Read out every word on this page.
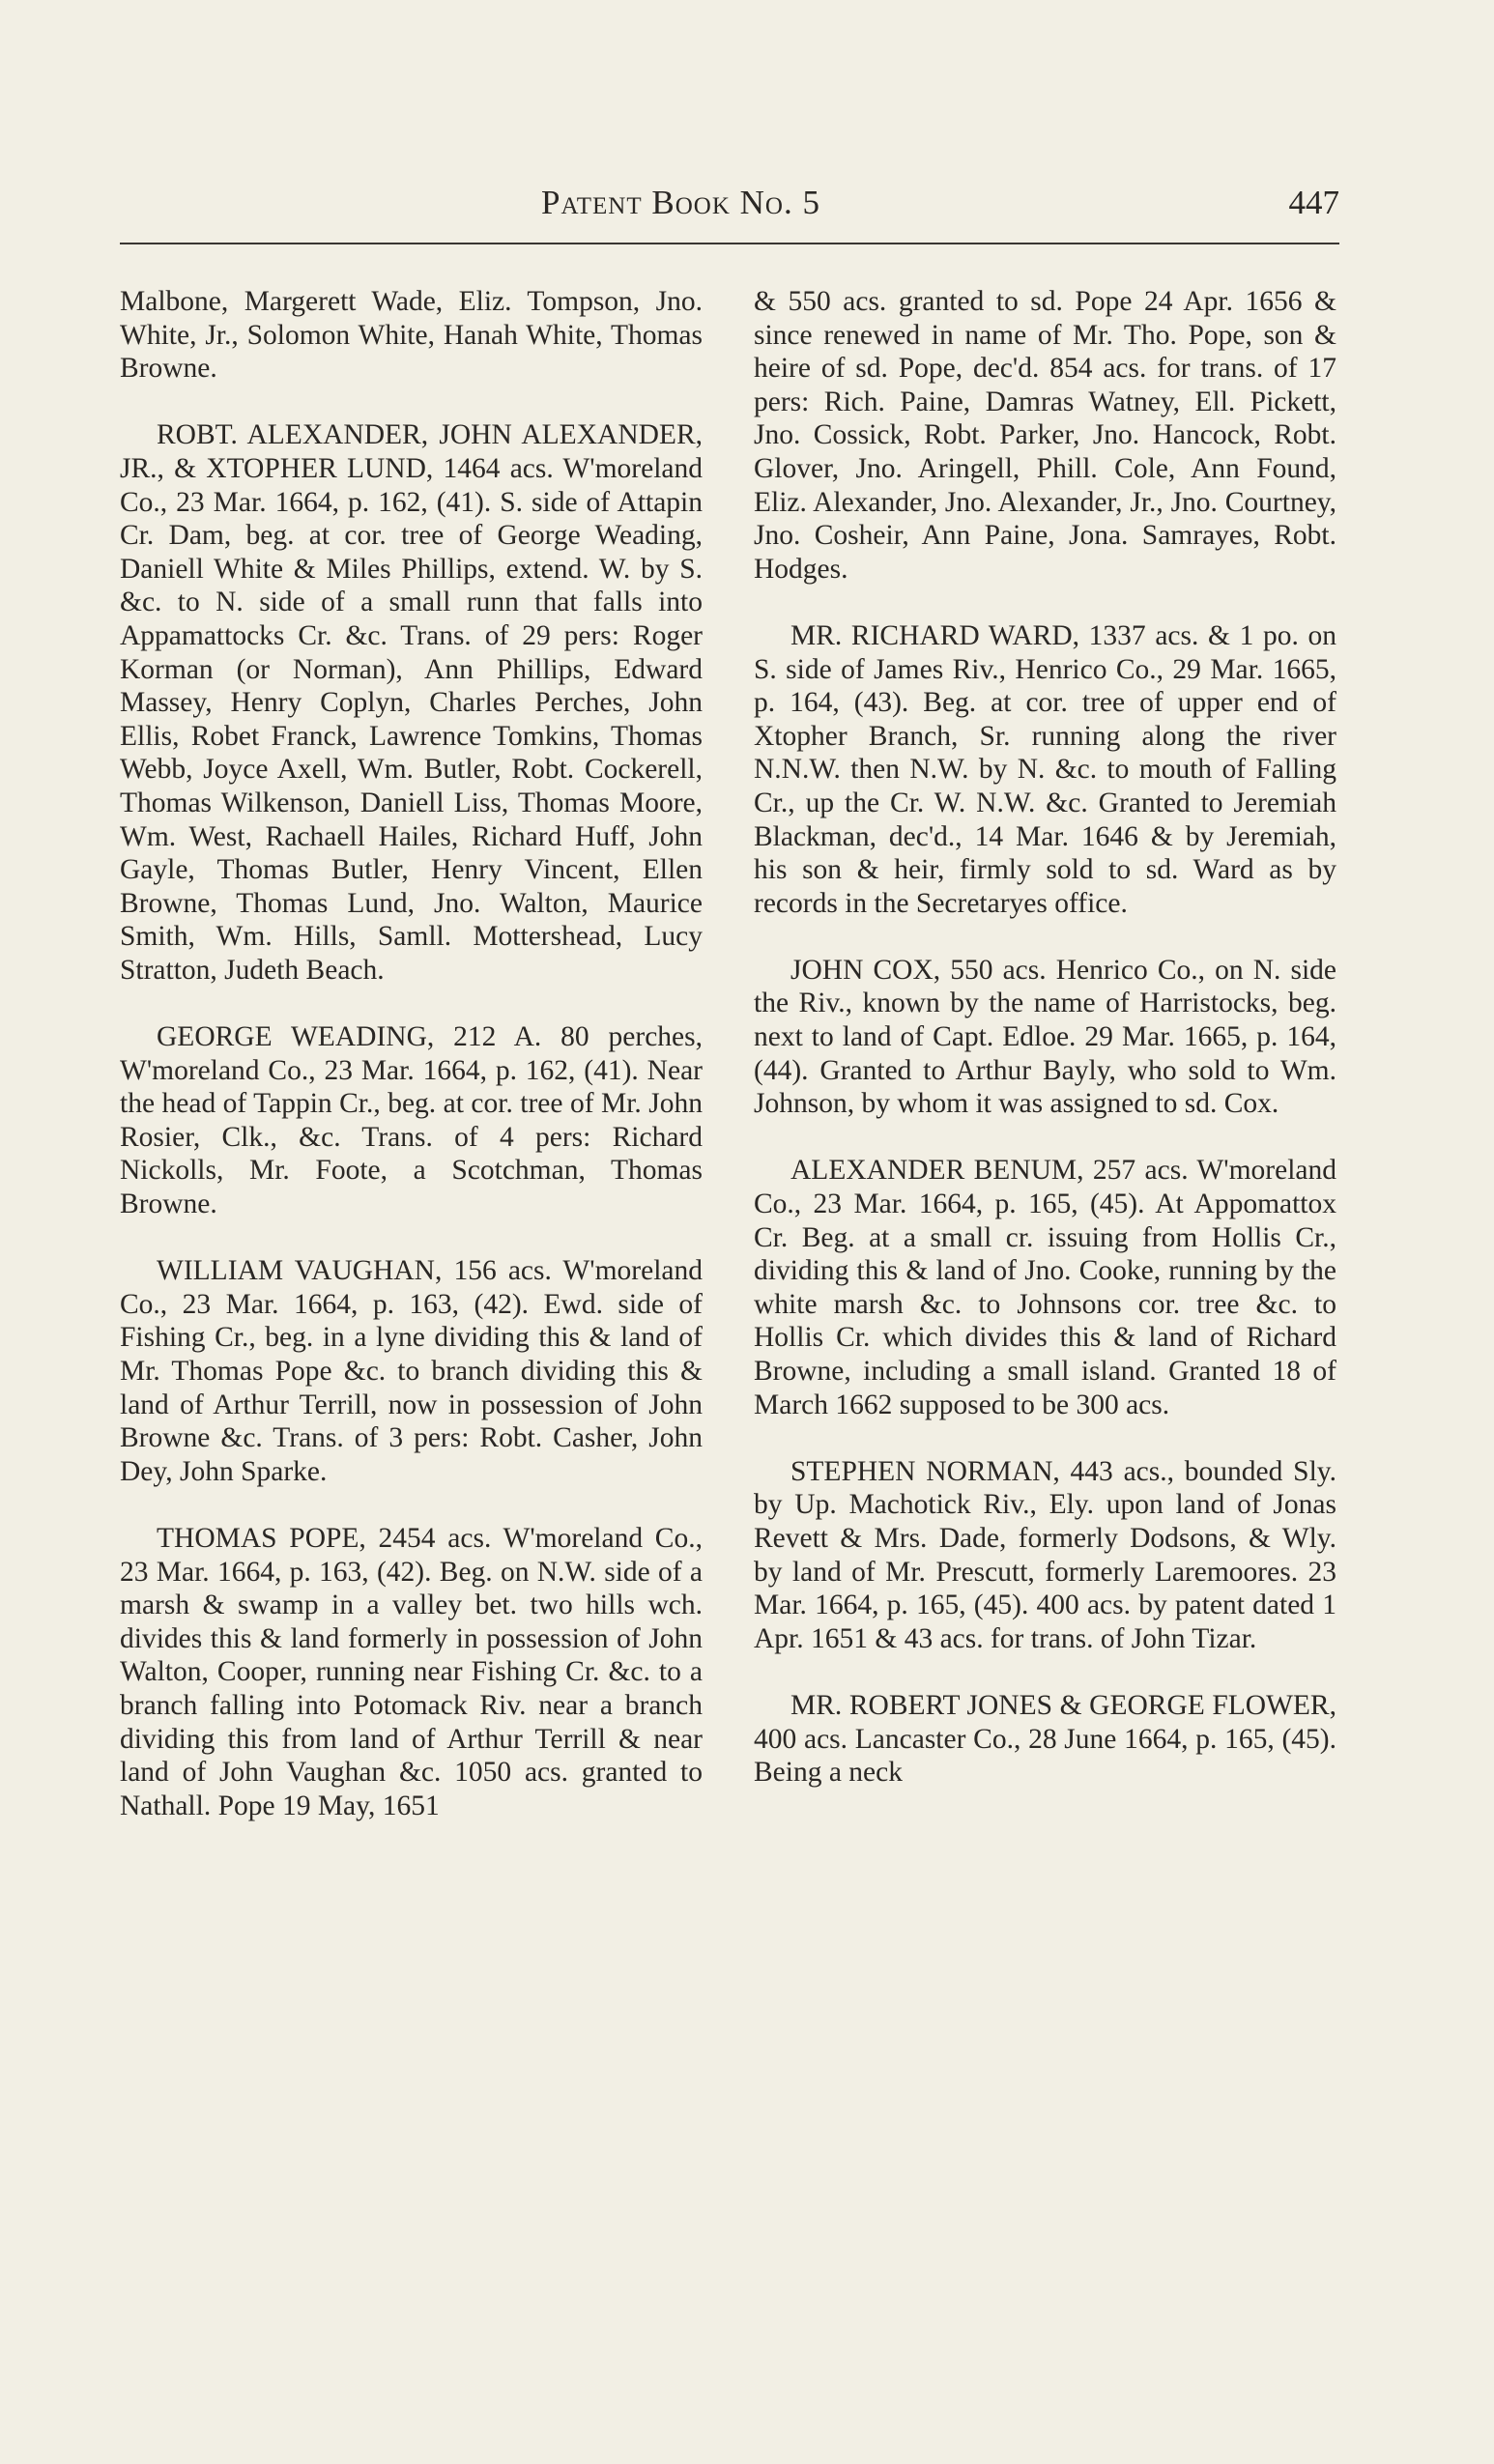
Patent Book No. 5	447

Malbone, Margerett Wade, Eliz. Tompson, Jno. White, Jr., Solomon White, Hanah White, Thomas Browne.

ROBT. ALEXANDER, JOHN ALEXANDER, JR., & XTOPHER LUND, 1464 acs. W'moreland Co., 23 Mar. 1664, p. 162, (41). S. side of Attapin Cr. Dam, beg. at cor. tree of George Weading, Daniell White & Miles Phillips, extend. W. by S. &c. to N. side of a small runn that falls into Appamattocks Cr. &c. Trans. of 29 pers: Roger Korman (or Norman), Ann Phillips, Edward Massey, Henry Coplyn, Charles Perches, John Ellis, Robet Franck, Lawrence Tomkins, Thomas Webb, Joyce Axell, Wm. Butler, Robt. Cockerell, Thomas Wilkenson, Daniell Liss, Thomas Moore, Wm. West, Rachaell Hailes, Richard Huff, John Gayle, Thomas Butler, Henry Vincent, Ellen Browne, Thomas Lund, Jno. Walton, Maurice Smith, Wm. Hills, Samll. Mottershead, Lucy Stratton, Judeth Beach.

GEORGE WEADING, 212 A. 80 perches, W'moreland Co., 23 Mar. 1664, p. 162, (41). Near the head of Tappin Cr., beg. at cor. tree of Mr. John Rosier, Clk., &c. Trans. of 4 pers: Richard Nickolls, Mr. Foote, a Scotchman, Thomas Browne.

WILLIAM VAUGHAN, 156 acs. W'moreland Co., 23 Mar. 1664, p. 163, (42). Ewd. side of Fishing Cr., beg. in a lyne dividing this & land of Mr. Thomas Pope &c. to branch dividing this & land of Arthur Terrill, now in possession of John Browne &c. Trans. of 3 pers: Robt. Casher, John Dey, John Sparke.

THOMAS POPE, 2454 acs. W'moreland Co., 23 Mar. 1664, p. 163, (42). Beg. on N.W. side of a marsh & swamp in a valley bet. two hills wch. divides this & land formerly in possession of John Walton, Cooper, running near Fishing Cr. &c. to a branch falling into Potomack Riv. near a branch dividing this from land of Arthur Terrill & near land of John Vaughan &c. 1050 acs. granted to Nathall. Pope 19 May, 1651

& 550 acs. granted to sd. Pope 24 Apr. 1656 & since renewed in name of Mr. Tho. Pope, son & heire of sd. Pope, dec'd. 854 acs. for trans. of 17 pers: Rich. Paine, Damras Watney, Ell. Pickett, Jno. Cossick, Robt. Parker, Jno. Hancock, Robt. Glover, Jno. Aringell, Phill. Cole, Ann Found, Eliz. Alexander, Jno. Alexander, Jr., Jno. Courtney, Jno. Cosheir, Ann Paine, Jona. Samrayes, Robt. Hodges.

MR. RICHARD WARD, 1337 acs. & 1 po. on S. side of James Riv., Henrico Co., 29 Mar. 1665, p. 164, (43). Beg. at cor. tree of upper end of Xtopher Branch, Sr. running along the river N.N.W. then N.W. by N. &c. to mouth of Falling Cr., up the Cr. W. N.W. &c. Granted to Jeremiah Blackman, dec'd., 14 Mar. 1646 & by Jeremiah, his son & heir, firmly sold to sd. Ward as by records in the Secretaryes office.

JOHN COX, 550 acs. Henrico Co., on N. side the Riv., known by the name of Harristocks, beg. next to land of Capt. Edloe. 29 Mar. 1665, p. 164, (44). Granted to Arthur Bayly, who sold to Wm. Johnson, by whom it was assigned to sd. Cox.

ALEXANDER BENUM, 257 acs. W'moreland Co., 23 Mar. 1664, p. 165, (45). At Appomattox Cr. Beg. at a small cr. issuing from Hollis Cr., dividing this & land of Jno. Cooke, running by the white marsh &c. to Johnsons cor. tree &c. to Hollis Cr. which divides this & land of Richard Browne, including a small island. Granted 18 of March 1662 supposed to be 300 acs.

STEPHEN NORMAN, 443 acs., bounded Sly. by Up. Machotick Riv., Ely. upon land of Jonas Revett & Mrs. Dade, formerly Dodsons, & Wly. by land of Mr. Prescutt, formerly Laremoores. 23 Mar. 1664, p. 165, (45). 400 acs. by patent dated 1 Apr. 1651 & 43 acs. for trans. of John Tizar.

MR. ROBERT JONES & GEORGE FLOWER, 400 acs. Lancaster Co., 28 June 1664, p. 165, (45). Being a neck
